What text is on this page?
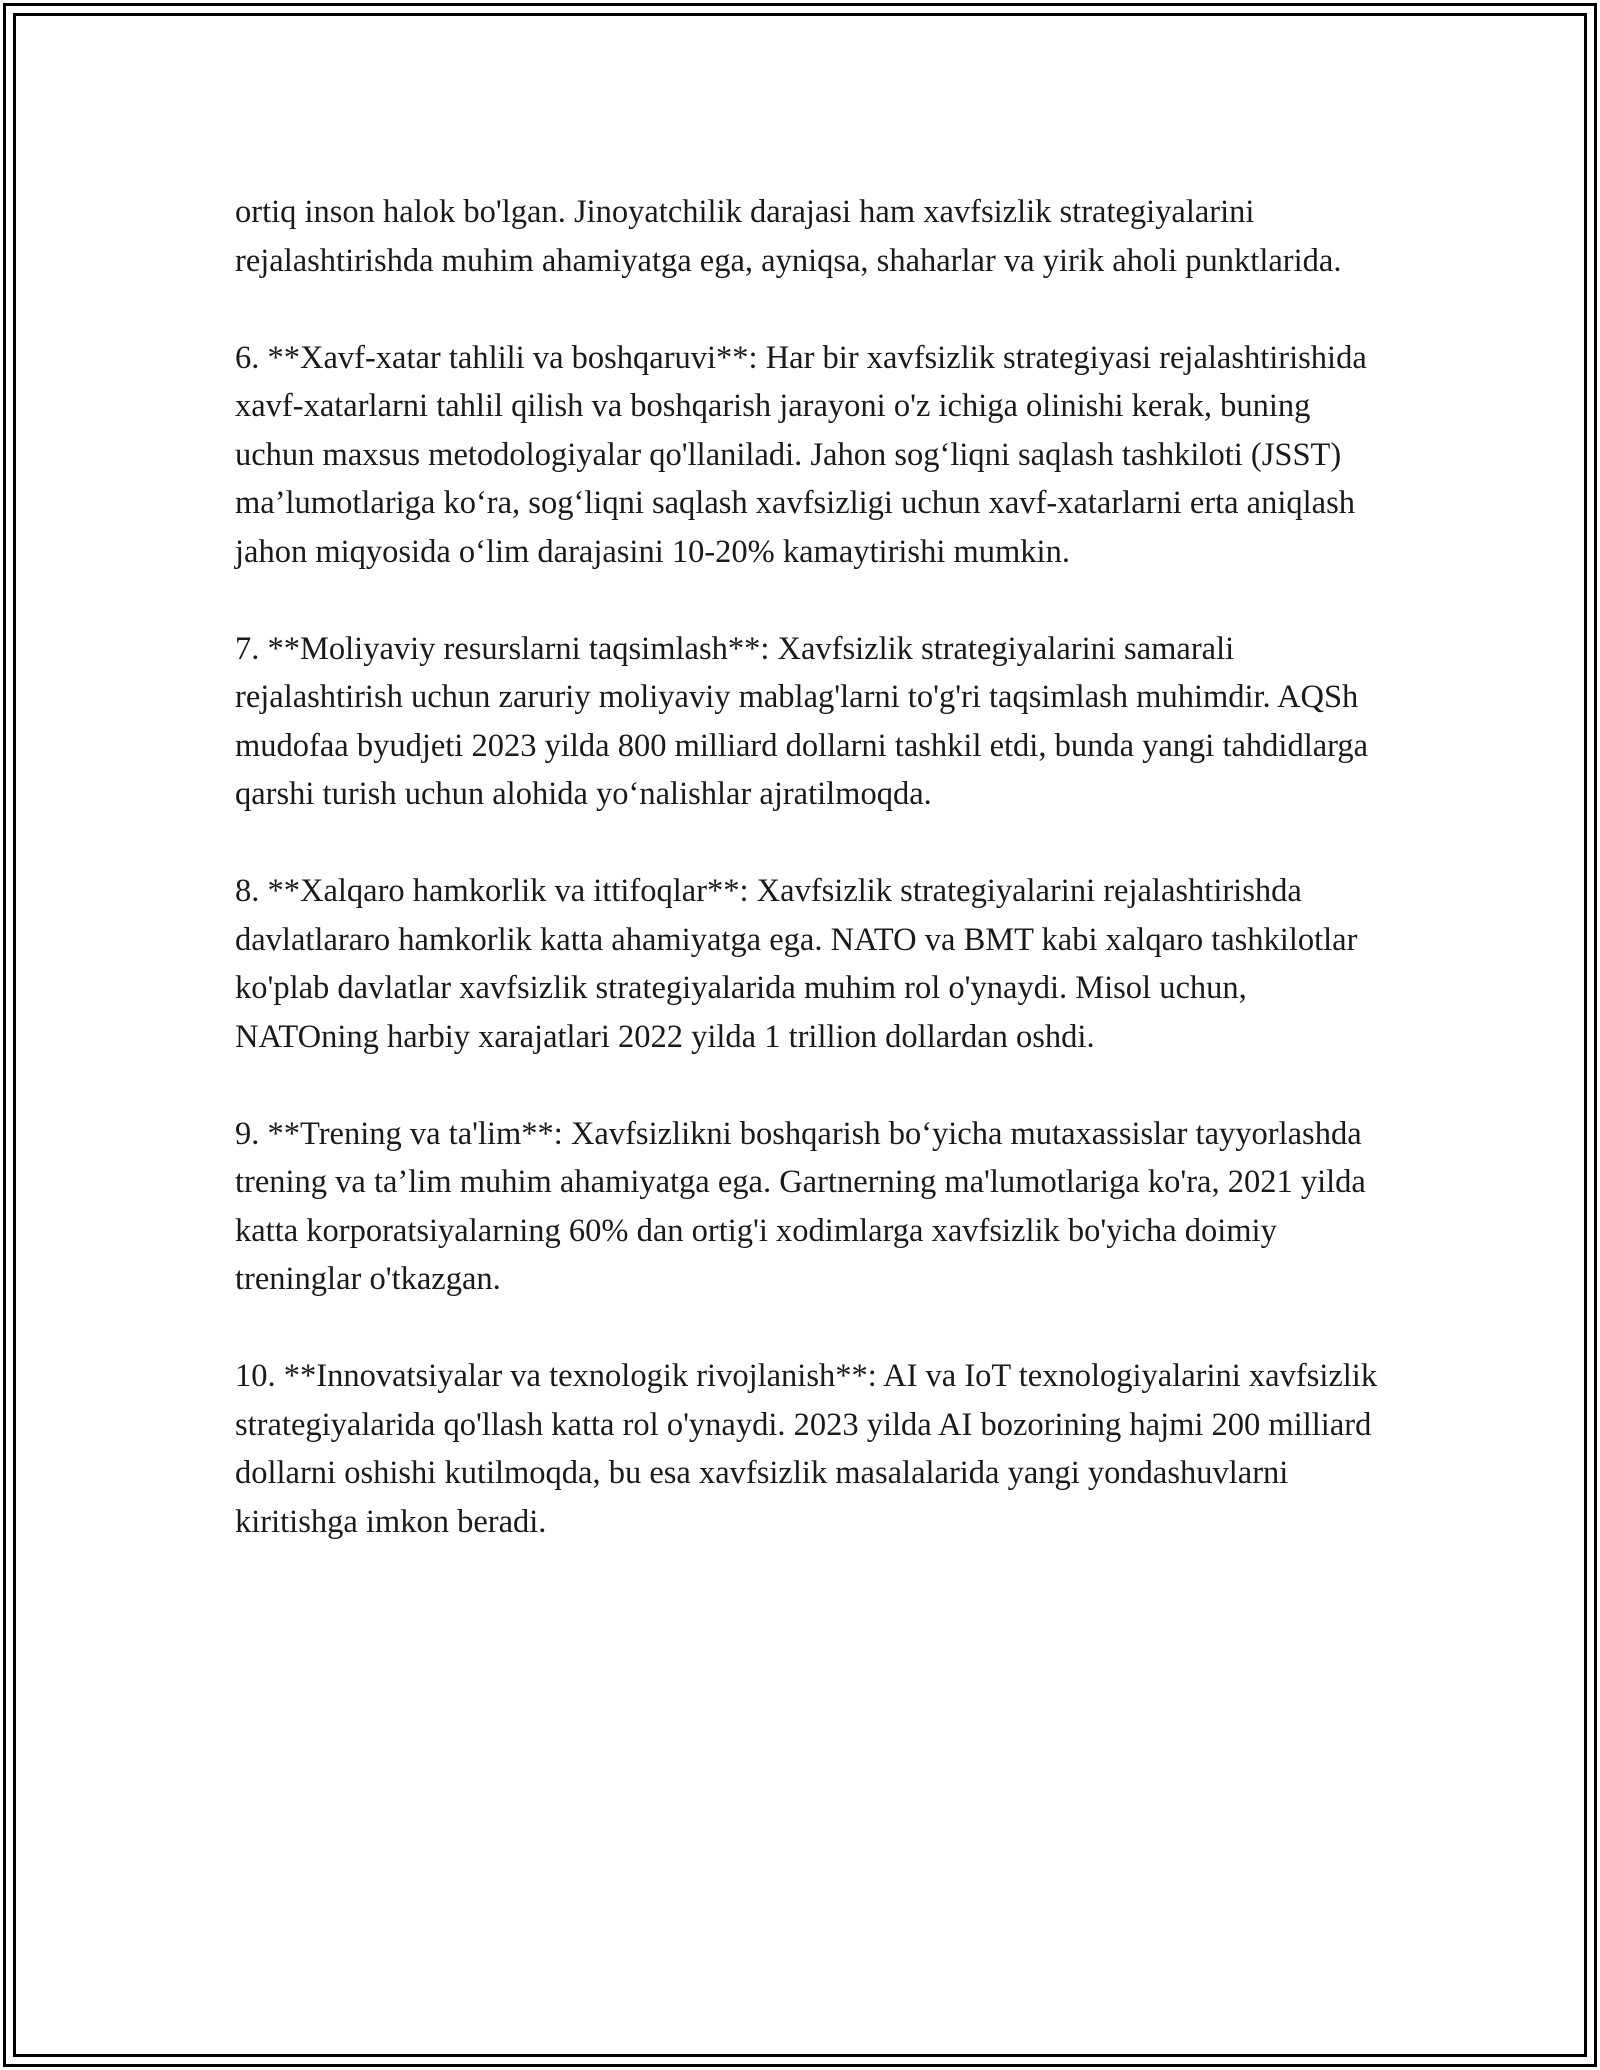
ortiq inson halok bo'lgan. Jinoyatchilik darajasi ham xavfsizlik strategiyalarini rejalashtirishda muhim ahamiyatga ega, ayniqsa, shaharlar va yirik aholi punktlarida.

6. **Xavf-xatar tahlili va boshqaruvi**: Har bir xavfsizlik strategiyasi rejalashtirishida xavf-xatarlarni tahlil qilish va boshqarish jarayoni o'z ichiga olinishi kerak, buning uchun maxsus metodologiyalar qo'llaniladi. Jahon sog‘liqni saqlash tashkiloti (JSST) ma’lumotlariga ko‘ra, sog‘liqni saqlash xavfsizligi uchun xavf-xatarlarni erta aniqlash jahon miqyosida o‘lim darajasini 10-20% kamaytirishi mumkin.

7. **Moliyaviy resurslarni taqsimlash**: Xavfsizlik strategiyalarini samarali rejalashtirish uchun zaruriy moliyaviy mablag'larni to'g'ri taqsimlash muhimdir. AQSh mudofaa byudjeti 2023 yilda 800 milliard dollarni tashkil etdi, bunda yangi tahdidlarga qarshi turish uchun alohida yo‘nalishlar ajratilmoqda.

8. **Xalqaro hamkorlik va ittifoqlar**: Xavfsizlik strategiyalarini rejalashtirishda davlatlararo hamkorlik katta ahamiyatga ega. NATO va BMT kabi xalqaro tashkilotlar ko'plab davlatlar xavfsizlik strategiyalarida muhim rol o'ynaydi. Misol uchun, NATOning harbiy xarajatlari 2022 yilda 1 trillion dollardan oshdi.

9. **Trening va ta'lim**: Xavfsizlikni boshqarish bo‘yicha mutaxassislar tayyorlashda trening va ta’lim muhim ahamiyatga ega. Gartnerning ma'lumotlariga ko'ra, 2021 yilda katta korporatsiyalarning 60% dan ortig'i xodimlarga xavfsizlik bo'yicha doimiy treninglar o'tkazgan.

10. **Innovatsiyalar va texnologik rivojlanish**: AI va IoT texnologiyalarini xavfsizlik strategiyalarida qo'llash katta rol o'ynaydi. 2023 yilda AI bozorining hajmi 200 milliard dollarni oshishi kutilmoqda, bu esa xavfsizlik masalalarida yangi yondashuvlarni kiritishga imkon beradi.
